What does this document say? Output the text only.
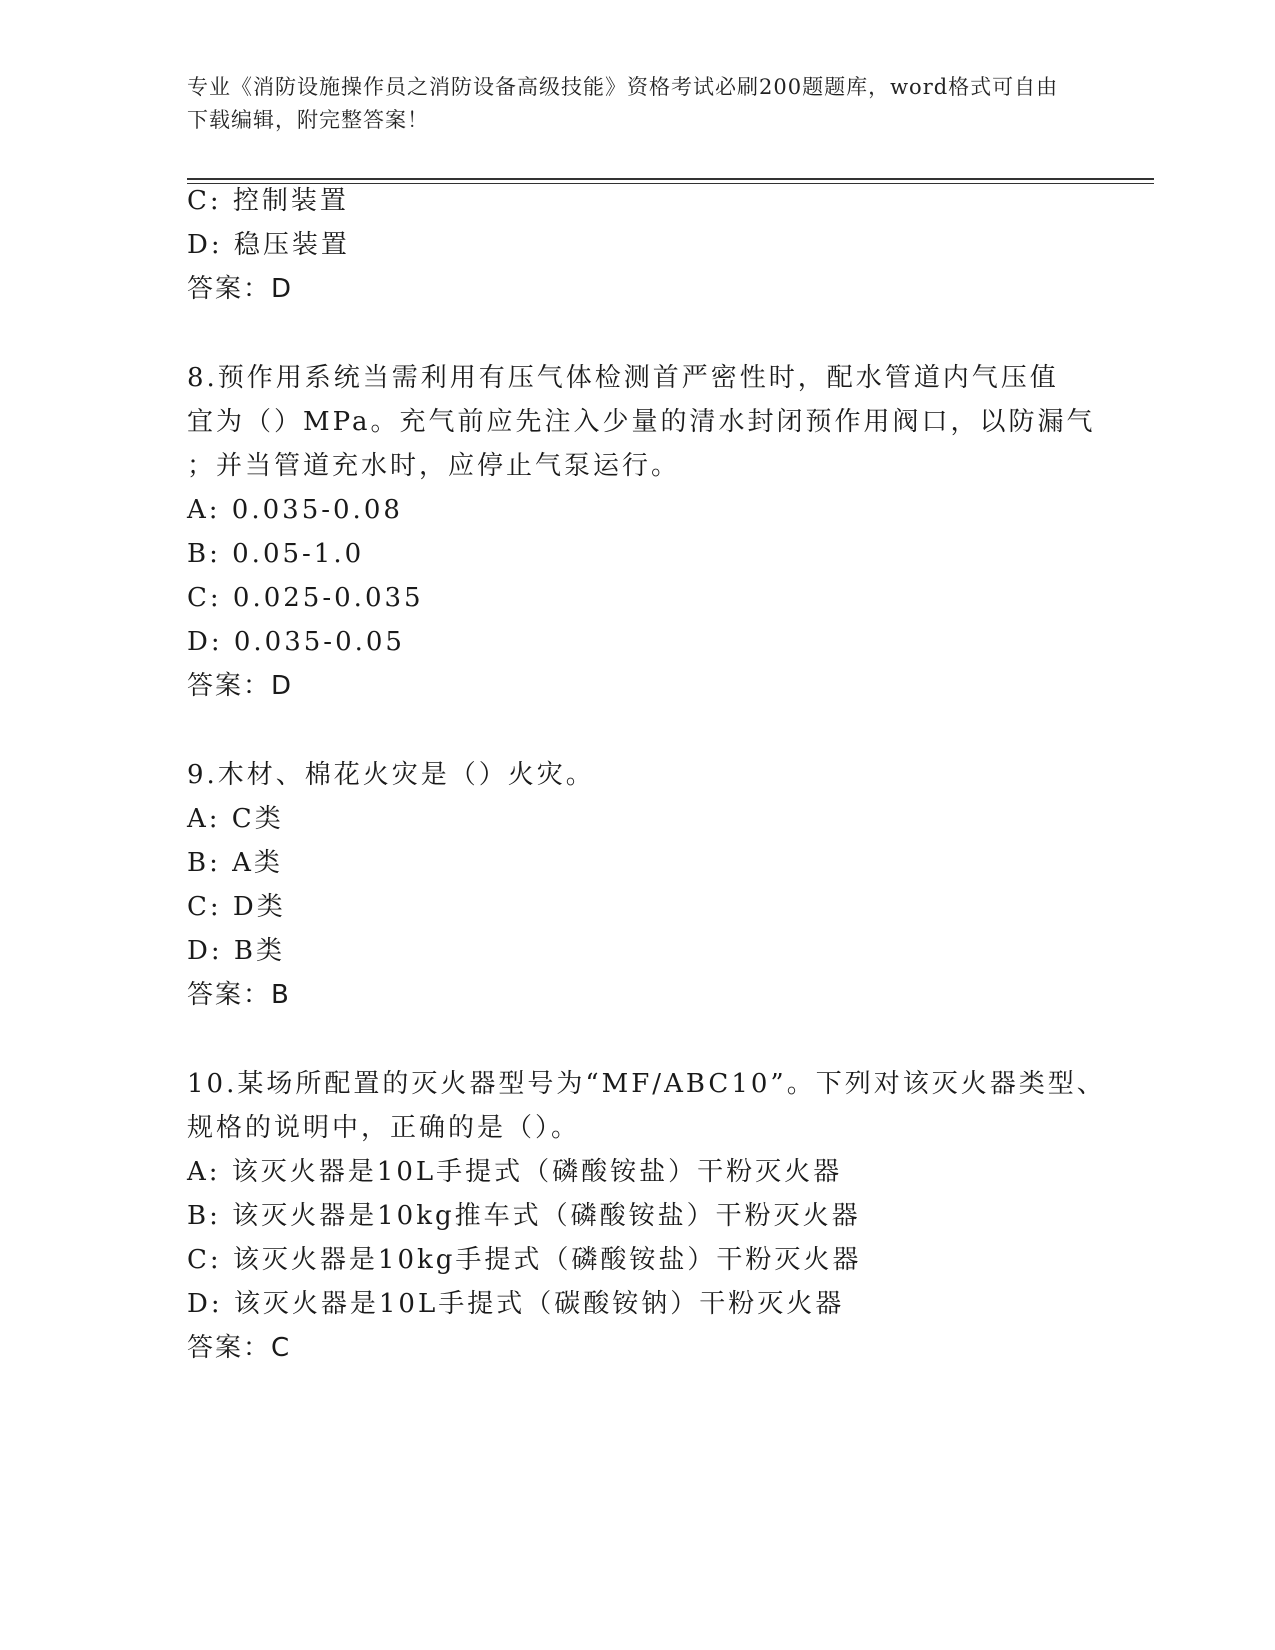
专业《消防设施操作员之消防设备高级技能》资格考试必刷200题题库，word格式可自由下载编辑，附完整答案！
C: 控制装置
D: 稳压装置
答案：D
8.预作用系统当需利用有压气体检测首严密性时，配水管道内气压值
宜为（）MPa。充气前应先注入少量的清水封闭预作用阀口，以防漏气
；并当管道充水时，应停止气泵运行。
A: 0.035-0.08
B: 0.05-1.0
C: 0.025-0.035
D: 0.035-0.05
答案：D
9.木材、棉花火灾是（）火灾。
A: C类
B: A类
C: D类
D: B类
答案：B
10.某场所配置的灭火器型号为“MF/ABC10”。下列对该灭火器类型、
规格的说明中，正确的是（）。
A: 该灭火器是10L手提式（磷酸铵盐）干粉灭火器
B: 该灭火器是10kg推车式（磷酸铵盐）干粉灭火器
C: 该灭火器是10kg手提式（磷酸铵盐）干粉灭火器
D: 该灭火器是10L手提式（碳酸铵钠）干粉灭火器
答案：C
